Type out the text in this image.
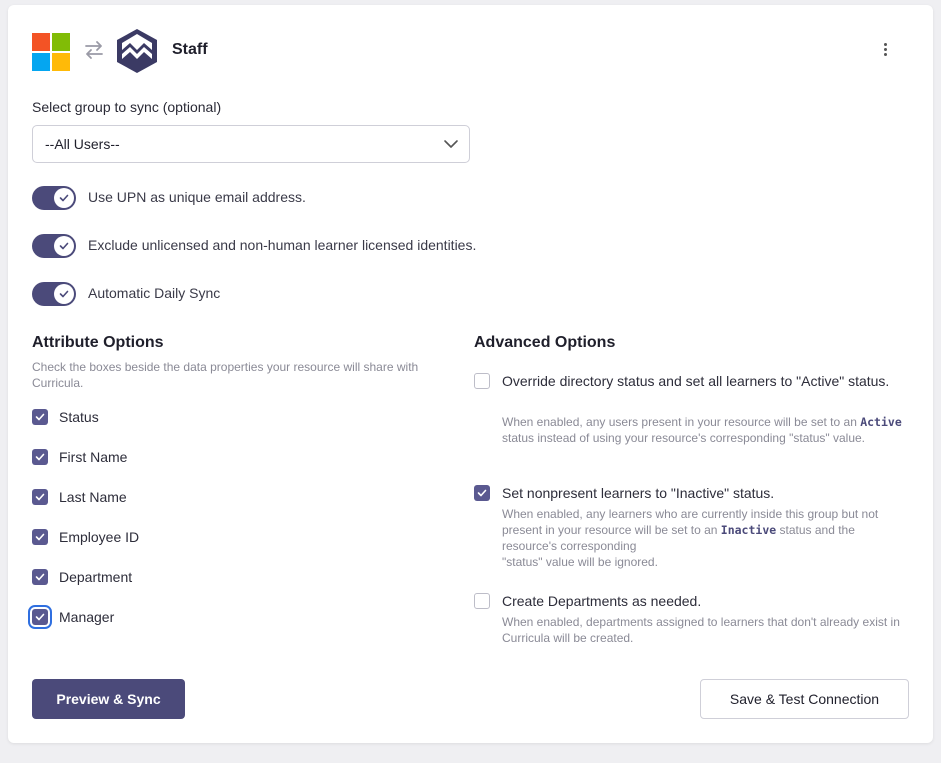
Staff
Select group to sync (optional)
--All Users--
Use UPN as unique email address.
Exclude unlicensed and non-human learner licensed identities.
Automatic Daily Sync
Attribute Options
Check the boxes beside the data properties your resource will share with Curricula.
Status
First Name
Last Name
Employee ID
Department
Manager
Advanced Options
Override directory status and set all learners to "Active" status.
When enabled, any users present in your resource will be set to an Active status instead of using your resource's corresponding "status" value.
Set nonpresent learners to "Inactive" status.
When enabled, any learners who are currently inside this group but not present in your resource will be set to an Inactive status and the resource's corresponding
"status" value will be ignored.
Create Departments as needed.
When enabled, departments assigned to learners that don't already exist in Curricula will be created.
Preview & Sync	Save & Test Connection
